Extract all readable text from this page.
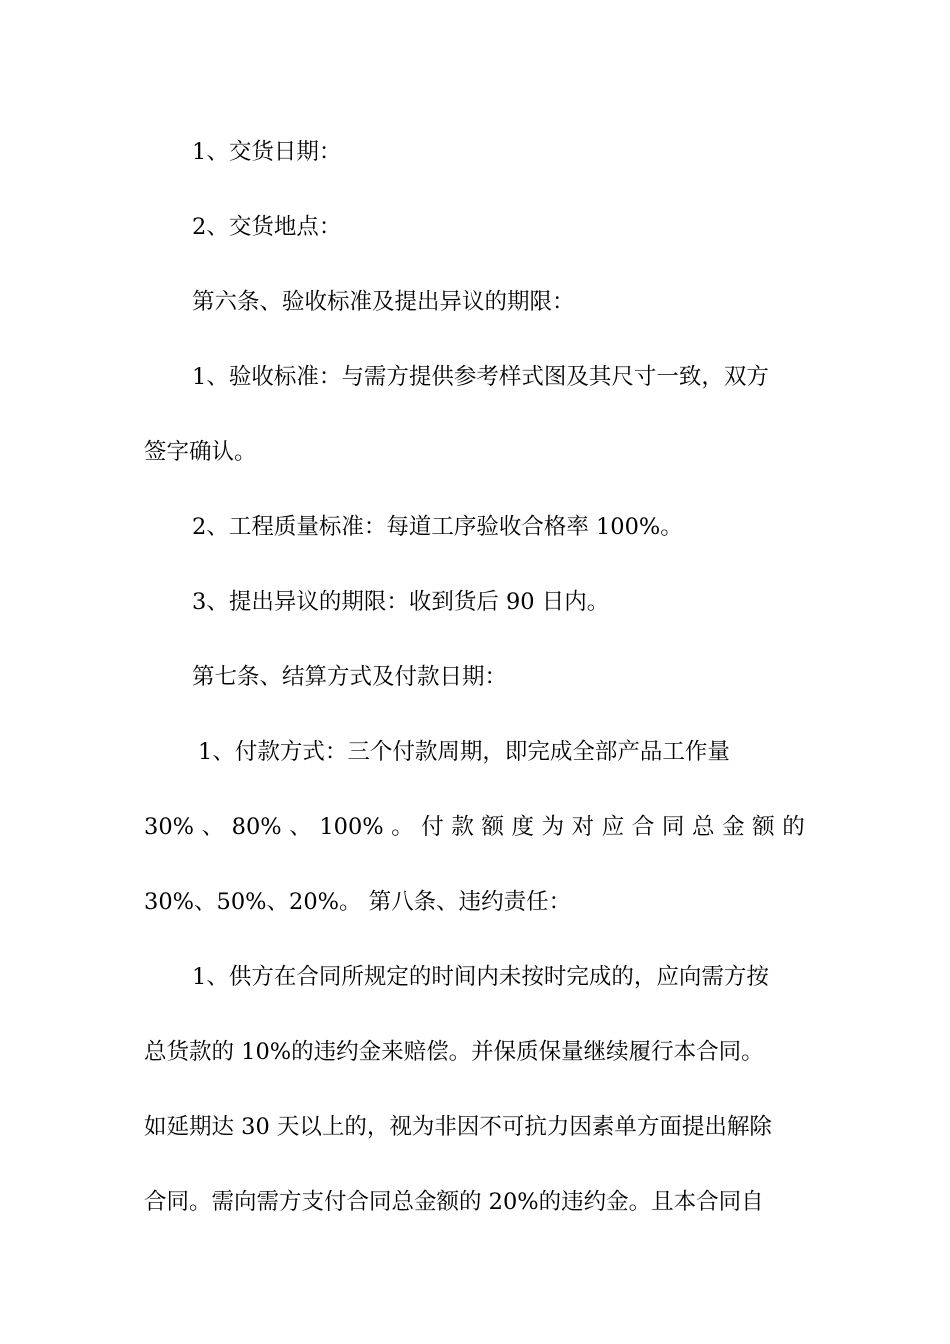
1、交货日期：
2、交货地点：
第六条、验收标准及提出异议的期限：
1、验收标准：与需方提供参考样式图及其尺寸一致，双方
签字确认。
2、工程质量标准：每道工序验收合格率 100%。
3、提出异议的期限：收到货后 90 日内。
第七条、结算方式及付款日期：
1、付款方式：三个付款周期，即完成全部产品工作量
30% 、 80% 、 100% 。 付 款 额 度 为 对 应 合 同 总 金 额 的
30%、50%、20%。 第八条、违约责任：
1、供方在合同所规定的时间内未按时完成的，应向需方按
总货款的 10%的违约金来赔偿。并保质保量继续履行本合同。
如延期达 30 天以上的，视为非因不可抗力因素单方面提出解除
合同。需向需方支付合同总金额的 20%的违约金。且本合同自
